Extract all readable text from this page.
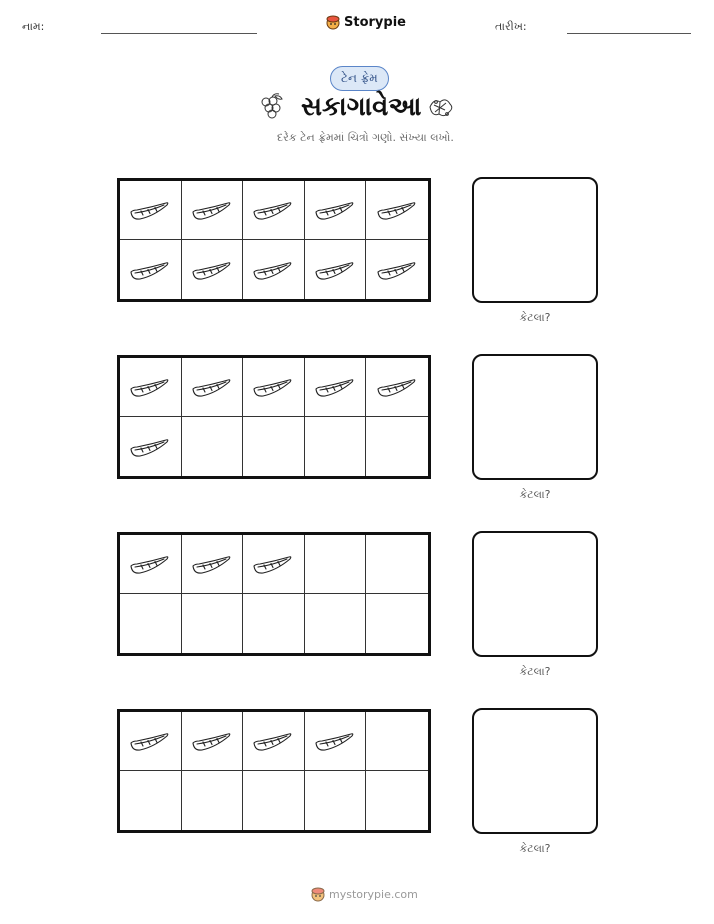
નામ:	Storypie	તારીખ:
ટેન ફ્રેમ
સકાગાવેઆ
દરેક ટેન ફ્રેમમાં ચિત્રો ગણો. સંખ્યા લખો.
કેટલા?
કેટલા?
કેટલા?
કેટલા?
mystorypie.com
